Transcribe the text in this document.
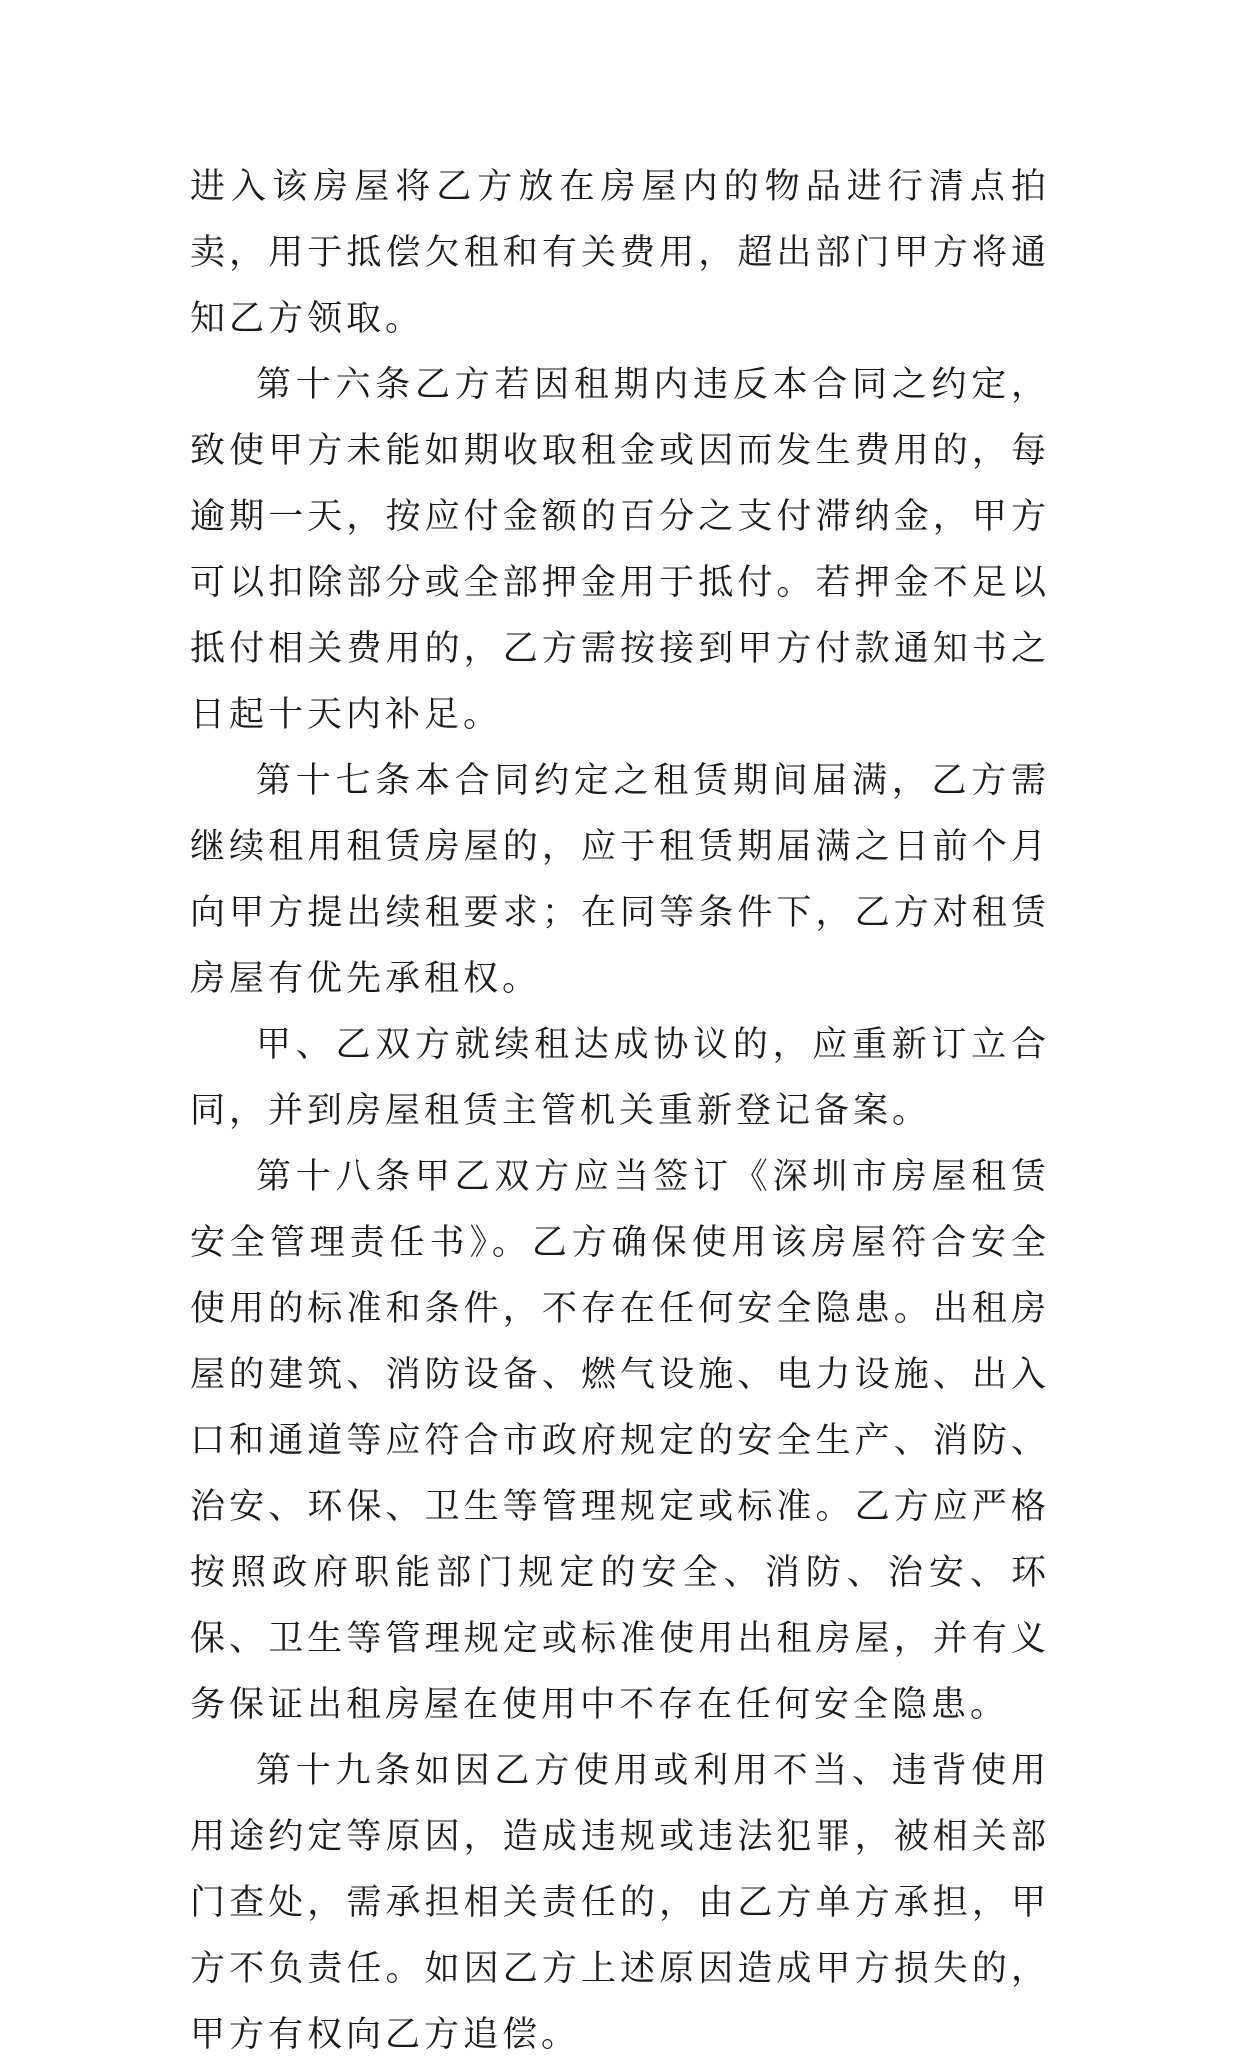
进入该房屋将乙方放在房屋内的物品进行清点拍卖，用于抵偿欠租和有关费用，超出部门甲方将通知乙方领取。

第十六条乙方若因租期内违反本合同之约定，致使甲方未能如期收取租金或因而发生费用的，每逾期一天，按应付金额的百分之支付滞纳金，甲方可以扣除部分或全部押金用于抵付。若押金不足以抵付相关费用的，乙方需按接到甲方付款通知书之日起十天内补足。

第十七条本合同约定之租赁期间届满，乙方需继续租用租赁房屋的，应于租赁期届满之日前个月向甲方提出续租要求；在同等条件下，乙方对租赁房屋有优先承租权。

甲、乙双方就续租达成协议的，应重新订立合同，并到房屋租赁主管机关重新登记备案。

第十八条甲乙双方应当签订《深圳市房屋租赁安全管理责任书》。乙方确保使用该房屋符合安全使用的标准和条件，不存在任何安全隐患。出租房屋的建筑、消防设备、燃气设施、电力设施、出入口和通道等应符合市政府规定的安全生产、消防、治安、环保、卫生等管理规定或标准。乙方应严格按照政府职能部门规定的安全、消防、治安、环保、卫生等管理规定或标准使用出租房屋，并有义务保证出租房屋在使用中不存在任何安全隐患。

第十九条如因乙方使用或利用不当、违背使用用途约定等原因，造成违规或违法犯罪，被相关部门查处，需承担相关责任的，由乙方单方承担，甲方不负责任。如因乙方上述原因造成甲方损失的，甲方有权向乙方追偿。
